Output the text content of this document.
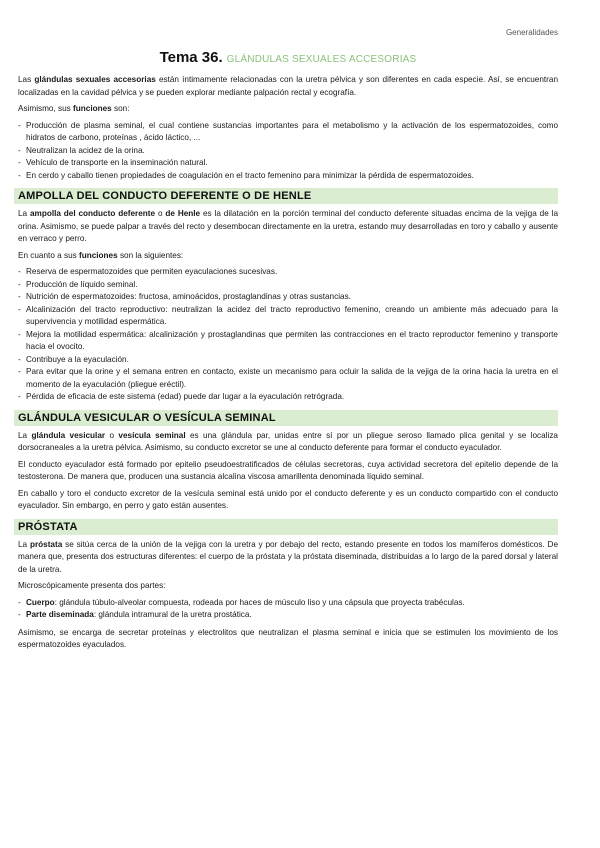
Generalidades
Tema 36. GLÁNDULAS SEXUALES ACCESORIAS

Las glándulas sexuales accesorias están íntimamente relacionadas con la uretra pélvica y son diferentes en cada especie. Así, se encuentran localizadas en la cavidad pélvica y se pueden explorar mediante palpación rectal y ecografía.

Asimismo, sus funciones son:

- Producción de plasma seminal, el cual contiene sustancias importantes para el metabolismo y la activación de los espermatozoides, como hidratos de carbono, proteínas , ácido láctico, ...
- Neutralizan la acidez de la orina.
- Vehículo de transporte en la inseminación natural.
- En cerdo y caballo tienen propiedades de coagulación en el tracto femenino para minimizar la pérdida de espermatozoides.
AMPOLLA DEL CONDUCTO DEFERENTE O DE HENLE

La ampolla del conducto deferente o de Henle es la dilatación en la porción terminal del conducto deferente situadas encima de la vejiga de la orina. Asimismo, se puede palpar a través del recto y desembocan directamente en la uretra, estando muy desarrolladas en toro y caballo y ausente en verraco y perro.

En cuanto a sus funciones son la siguientes:

- Reserva de espermatozoides que permiten eyaculaciones sucesivas.
- Producción de líquido seminal.
- Nutrición de espermatozoides: fructosa, aminoácidos, prostaglandinas y otras sustancias.
- Alcalinización del tracto reproductivo: neutralizan la acidez del tracto reproductivo femenino, creando un ambiente más adecuado para la supervivencia y motilidad espermática.
- Mejora la motilidad espermática: alcalinización y prostaglandinas que permiten las contracciones en el tracto reproductor femenino y transporte hacia el ovocito.
- Contribuye a la eyaculación.
- Para evitar que la orine y el semana entren en contacto, existe un mecanismo para ocluir la salida de la vejiga de la orina hacia la uretra en el momento de la eyaculación (pliegue eréctil).
- Pérdida de eficacia de este sistema (edad) puede dar lugar a la eyaculación retrógrada.
GLÁNDULA VESICULAR O VESÍCULA SEMINAL

La glándula vesicular o vesícula seminal es una glándula par, unidas entre sí por un pliegue seroso llamado plica genital y se localiza dorsocraneales a la uretra pélvica. Asimismo, su conducto excretor se une al conducto deferente para formar el conducto eyaculador.

El conducto eyaculador está formado por epitelio pseudoestratificados de células secretoras, cuya actividad secretora del epitelio depende de la testosterona. De manera que, producen una sustancia alcalina viscosa amarillenta denominada líquido seminal.

En caballo y toro el conducto excretor de la vesícula seminal está unido por el conducto deferente y es un conducto compartido con el conducto eyaculador. Sin embargo, en perro y gato están ausentes.

PRÓSTATA

La próstata se sitúa cerca de la unión de la vejiga con la uretra y por debajo del recto, estando presente en todos los mamíferos domésticos. De manera que, presenta dos estructuras diferentes: el cuerpo de la próstata y la próstata diseminada, distribuidas a lo largo de la pared dorsal y lateral de la uretra.

Microscópicamente presenta dos partes:

- Cuerpo: glándula túbulo-alveolar compuesta, rodeada por haces de músculo liso y una cápsula que proyecta trabéculas.
- Parte diseminada: glándula intramural de la uretra prostática.

Asimismo, se encarga de secretar proteínas y electrolitos que neutralizan el plasma seminal e inicia que se estimulen los movimiento de los espermatozoides eyaculados.
